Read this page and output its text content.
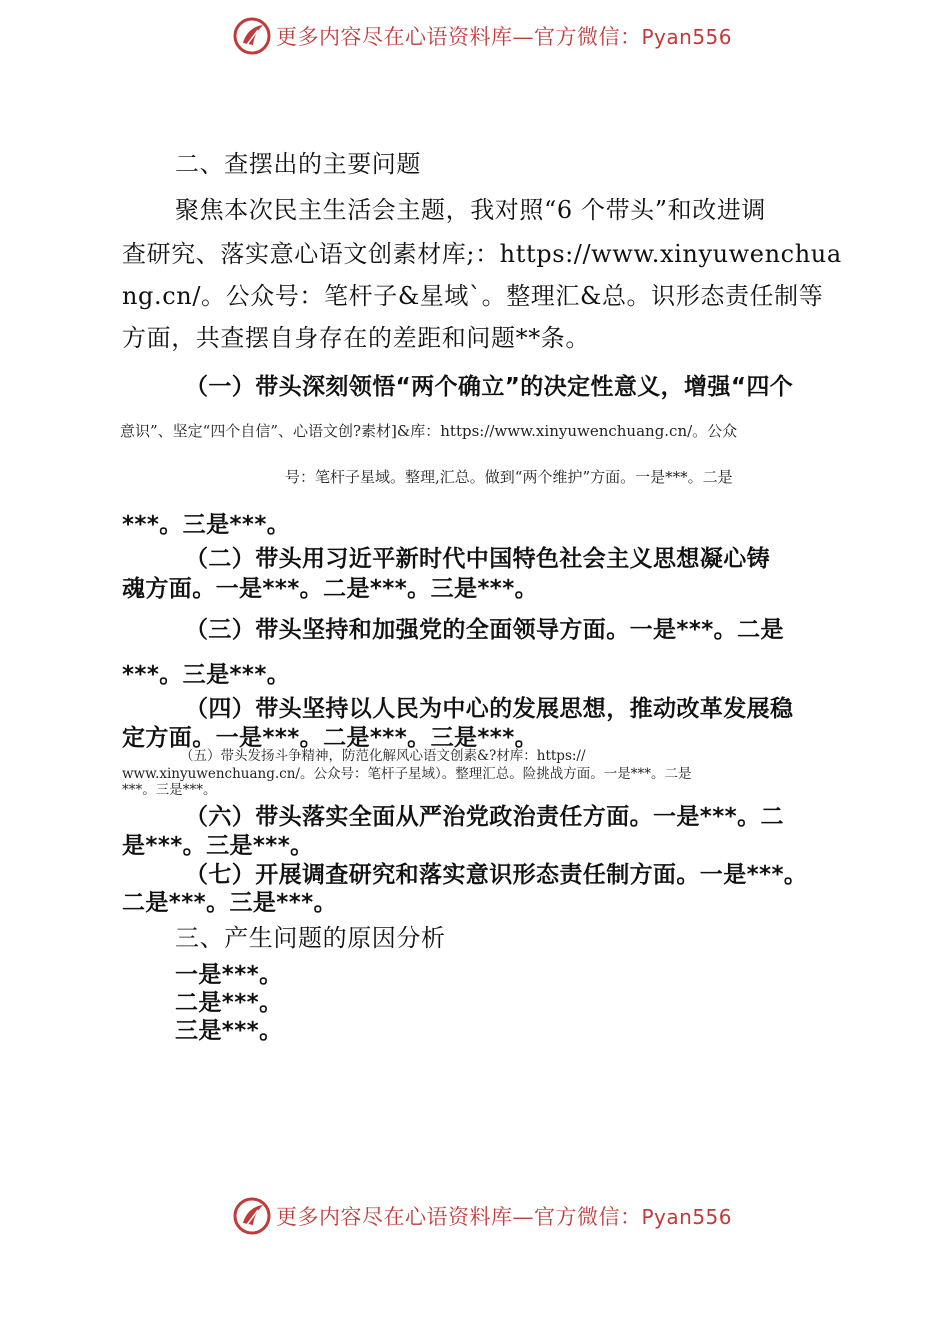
更多内容尽在心语资料库—官方微信：Pyan556
二、查摆出的主要问题
聚焦本次民主生活会主题，我对照“6 个带头”和改进调
查研究、落实意心语文创素材库;：https://www.xinyuwenchua
ng.cn/。公众号：笔杆子&星域`。整理汇&总。识形态责任制等
方面，共查摆自身存在的差距和问题**条。
（一）带头深刻领悟“两个确立”的决定性意义，增强“四个
意识”、坚定“四个自信”、心语文创?素材]&库：https://www.xinyuwenchuang.cn/。公众
号：笔杆子星域。整理,汇总。做到“两个维护”方面。一是***。二是
***。三是***。
（二）带头用习近平新时代中国特色社会主义思想凝心铸
魂方面。一是***。二是***。三是***。
（三）带头坚持和加强党的全面领导方面。一是***。二是
***。三是***。
（四）带头坚持以人民为中心的发展思想，推动改革发展稳
定方面。一是***。二是***。三是***。
（五）带头发扬斗争精神，防范化解风心语文创素&?材库：https://
www.xinyuwenchuang.cn/。公众号：笔杆子星域）。整理汇总。险挑战方面。一是***。二是
***。三是***。
（六）带头落实全面从严治党政治责任方面。一是***。二
是***。三是***。
（七）开展调查研究和落实意识形态责任制方面。一是***。
二是***。三是***。
三、产生问题的原因分析
一是***。
二是***。
三是***。
更多内容尽在心语资料库—官方微信：Pyan556
